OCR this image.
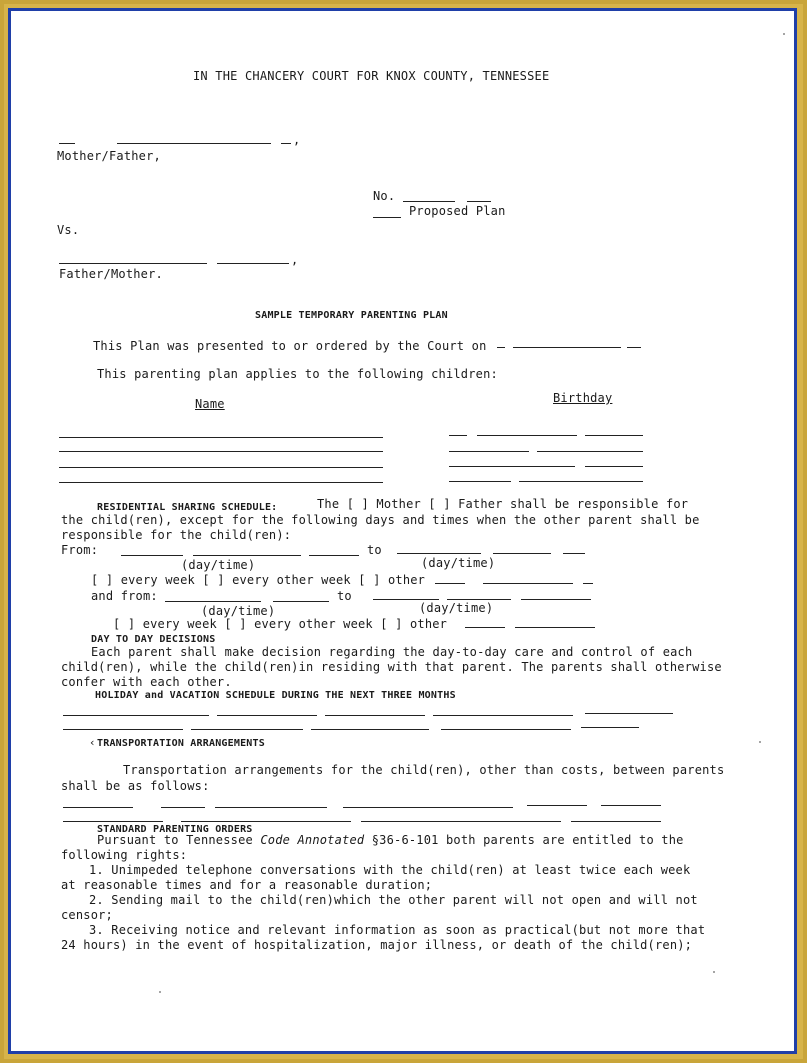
IN THE CHANCERY COURT FOR KNOX COUNTY, TENNESSEE
,
Mother/Father,
No.
Proposed Plan
Vs.
,
Father/Mother.
SAMPLE TEMPORARY PARENTING PLAN
This Plan was presented to or ordered by the Court on
This parenting plan applies to the following children:
Name	Birthday
RESIDENTIAL SHARING SCHEDULE:	The [ ] Mother [ ] Father shall be responsible for
the child(ren), except for the following days and times when the other parent shall be
responsible for the child(ren):
From:	to
(day/time)	(day/time)
[ ] every week [ ] every other week [ ] other
and from:	to
(day/time)	(day/time)
[ ] every week [ ] every other week [ ] other
DAY TO DAY DECISIONS
Each parent shall make decision regarding the day-to-day care and control of each
child(ren), while the child(ren)in residing with that parent. The parents shall otherwise
confer with each other.
HOLIDAY and VACATION SCHEDULE DURING THE NEXT THREE MONTHS
‹ TRANSPORTATION ARRANGEMENTS
Transportation arrangements for the child(ren), other than costs, between parents
shall be as follows:
STANDARD PARENTING ORDERS
Pursuant to Tennessee Code Annotated §36-6-101 both parents are entitled to the
following rights:
1. Unimpeded telephone conversations with the child(ren) at least twice each week
at reasonable times and for a reasonable duration;
2. Sending mail to the child(ren)which the other parent will not open and will not
censor;
3. Receiving notice and relevant information as soon as practical(but not more that
24 hours) in the event of hospitalization, major illness, or death of the child(ren);
